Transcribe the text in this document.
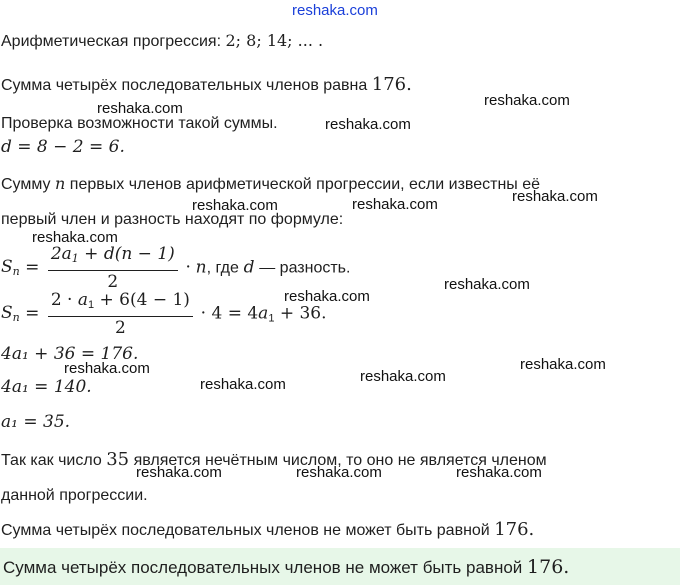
reshaka.com
Арифметическая прогрессия: 2; 8; 14; ... .
Сумма четырёх последовательных членов равна 176.
Проверка возможности такой суммы.
d = 8 − 2 = 6.
Сумму n первых членов арифметической прогрессии, если известны её
первый член и разность находят по формуле:
$S_n = \frac{2a_1 + d(n - 1)}{2} \cdot n$, где d — разность.
$S_n = \frac{2 \cdot a_1 + 6(4 - 1)}{2} \cdot 4 = 4a_1 + 36$.
4a₁ + 36 = 176.
4a₁ = 140.
a₁ = 35.
Так как число 35 является нечётным числом, то оно не является членом
данной прогрессии.
Сумма четырёх последовательных членов не может быть равной 176.
Сумма четырёх последовательных членов не может быть равной 176.
reshaka.com	reshaka.com
reshaka.com
reshaka.com	reshaka.com	reshaka.com
reshaka.com
reshaka.com
reshaka.com
reshaka.com
reshaka.com	reshaka.com
reshaka.com
reshaka.com	reshaka.com	reshaka.com
